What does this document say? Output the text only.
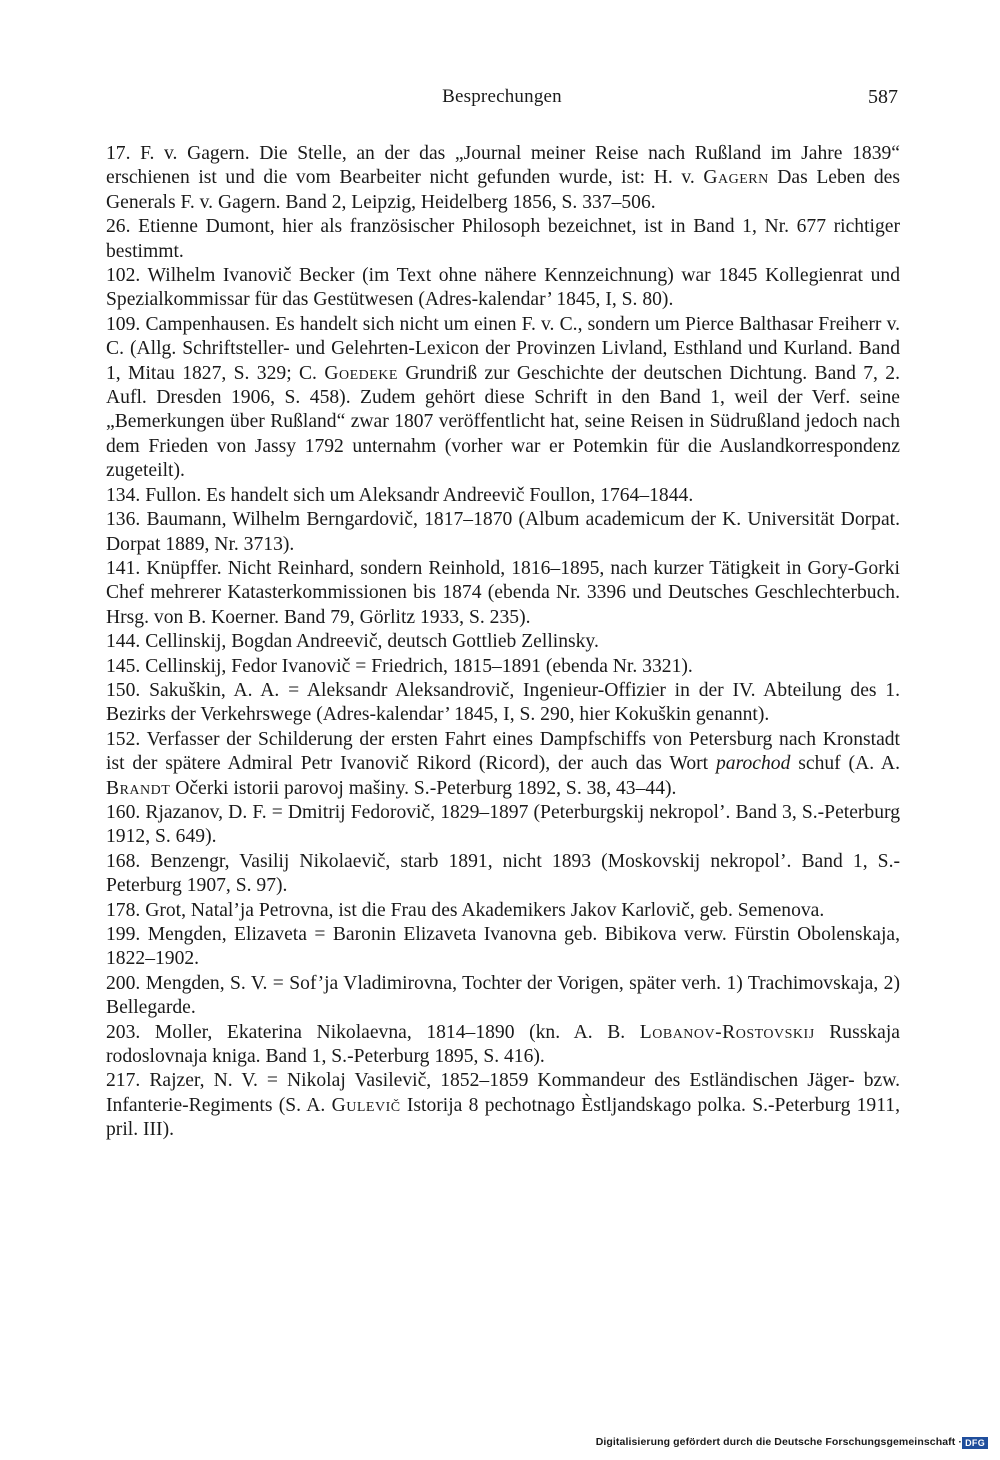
Besprechungen	587

17. F. v. Gagern. Die Stelle, an der das „Journal meiner Reise nach Rußland im Jahre 1839“ erschienen ist und die vom Bearbeiter nicht gefunden wurde, ist: H. v. Gagern Das Leben des Generals F. v. Gagern. Band 2, Leipzig, Heidelberg 1856, S. 337–506.

26. Etienne Dumont, hier als französischer Philosoph bezeichnet, ist in Band 1, Nr. 677 richtiger bestimmt.

102. Wilhelm Ivanovič Becker (im Text ohne nähere Kennzeichnung) war 1845 Kollegienrat und Spezialkommissar für das Gestütwesen (Adres-kalendar’ 1845, I, S. 80).

109. Campenhausen. Es handelt sich nicht um einen F. v. C., sondern um Pierce Balthasar Freiherr v. C. (Allg. Schriftsteller- und Gelehrten-Lexicon der Provinzen Livland, Esthland und Kurland. Band 1, Mitau 1827, S. 329; C. Goedeke Grundriß zur Geschichte der deutschen Dichtung. Band 7, 2. Aufl. Dresden 1906, S. 458). Zudem gehört diese Schrift in den Band 1, weil der Verf. seine „Bemerkungen über Rußland“ zwar 1807 veröffentlicht hat, seine Reisen in Südrußland jedoch nach dem Frieden von Jassy 1792 unternahm (vorher war er Potemkin für die Auslandkorrespondenz zugeteilt).

134. Fullon. Es handelt sich um Aleksandr Andreevič Foullon, 1764–1844.

136. Baumann, Wilhelm Berngardovič, 1817–1870 (Album academicum der K. Universität Dorpat. Dorpat 1889, Nr. 3713).

141. Knüpffer. Nicht Reinhard, sondern Reinhold, 1816–1895, nach kurzer Tätigkeit in Gory-Gorki Chef mehrerer Katasterkommissionen bis 1874 (ebenda Nr. 3396 und Deutsches Geschlechterbuch. Hrsg. von B. Koerner. Band 79, Görlitz 1933, S. 235).

144. Cellinskij, Bogdan Andreevič, deutsch Gottlieb Zellinsky.

145. Cellinskij, Fedor Ivanovič = Friedrich, 1815–1891 (ebenda Nr. 3321).

150. Sakuškin, A. A. = Aleksandr Aleksandrovič, Ingenieur-Offizier in der IV. Abteilung des 1. Bezirks der Verkehrswege (Adres-kalendar’ 1845, I, S. 290, hier Kokuškin genannt).

152. Verfasser der Schilderung der ersten Fahrt eines Dampfschiffs von Petersburg nach Kronstadt ist der spätere Admiral Petr Ivanovič Rikord (Ricord), der auch das Wort parochod schuf (A. A. Brandt Očerki istorii parovoj mašiny. S.-Peterburg 1892, S. 38, 43–44).

160. Rjazanov, D. F. = Dmitrij Fedorovič, 1829–1897 (Peterburgskij nekropol’. Band 3, S.-Peterburg 1912, S. 649).

168. Benzengr, Vasilij Nikolaevič, starb 1891, nicht 1893 (Moskovskij nekropol’. Band 1, S.-Peterburg 1907, S. 97).

178. Grot, Natal’ja Petrovna, ist die Frau des Akademikers Jakov Karlovič, geb. Semenova.

199. Mengden, Elizaveta = Baronin Elizaveta Ivanovna geb. Bibikova verw. Fürstin Obolenskaja, 1822–1902.

200. Mengden, S. V. = Sof’ja Vladimirovna, Tochter der Vorigen, später verh. 1) Trachimovskaja, 2) Bellegarde.

203. Moller, Ekaterina Nikolaevna, 1814–1890 (kn. A. B. Lobanov-Rostovskij Russkaja rodoslovnaja kniga. Band 1, S.-Peterburg 1895, S. 416).

217. Rajzer, N. V. = Nikolaj Vasilevič, 1852–1859 Kommandeur des Estländischen Jäger- bzw. Infanterie-Regiments (S. A. Gulevič Istorija 8 pechotnago Èstljandskago polka. S.-Peterburg 1911, pril. III).

Digitalisierung gefördert durch die Deutsche Forschungsgemeinschaft · DFG
